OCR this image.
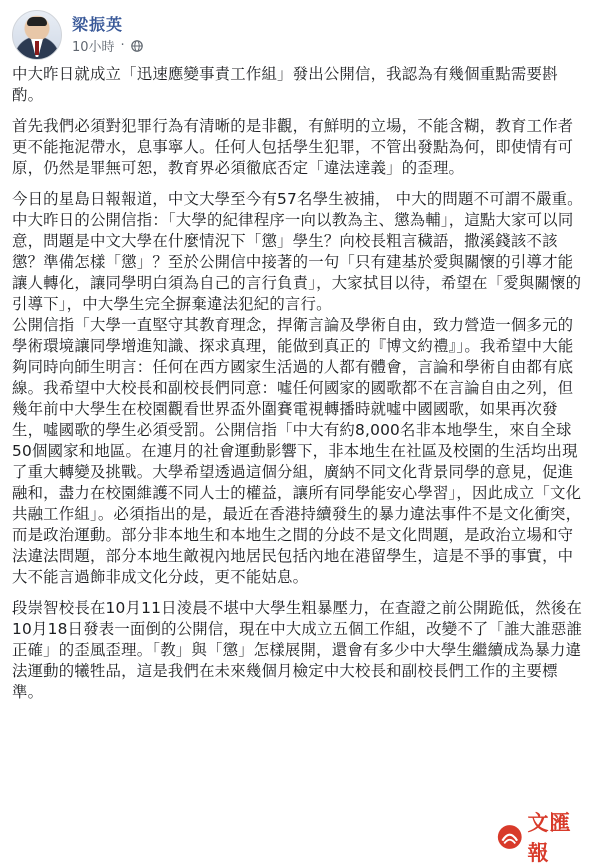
梁振英
10小時 ·

中大昨日就成立「迅速應變事責工作組」發出公開信，我認為有幾個重點需要斟酌。

首先我們必須對犯罪行為有清晰的是非觀，有鮮明的立場，不能含糊，教育工作者更不能拖泥帶水，息事寧人。任何人包括學生犯罪，不管出發點為何，即使情有可原，仍然是罪無可恕，教育界必須徹底否定「違法達義」的歪理。

今日的星島日報報道，中文大學至今有57名學生被捕， 中大的問題不可謂不嚴重。中大昨日的公開信指：「大學的紀律程序一向以教為主、懲為輔」，這點大家可以同意，問題是中文大學在什麼情況下「懲」學生？向校長粗言穢語，撒溪錢該不該懲？準備怎樣「懲」？至於公開信中接著的一句「只有建基於愛與關懷的引導才能讓人轉化，讓同學明白須為自己的言行負責」，大家拭目以待，希望在「愛與關懷的引導下」，中大學生完全摒棄違法犯紀的言行。

公開信指「大學一直堅守其教育理念，捍衛言論及學術自由，致力營造一個多元的學術環境讓同學增進知識、探求真理，能做到真正的『博文約禮』」。我希望中大能夠同時向師生明言：任何在西方國家生活過的人都有體會，言論和學術自由都有底線。我希望中大校長和副校長們同意：噓任何國家的國歌都不在言論自由之列，但幾年前中大學生在校園觀看世界盃外圍賽電視轉播時就噓中國國歌，如果再次發生，噓國歌的學生必須受罰。公開信指「中大有約8,000名非本地學生，來自全球50個國家和地區。在連月的社會運動影響下，非本地生在社區及校園的生活均出現了重大轉變及挑戰。大學希望透過這個分組，廣納不同文化背景同學的意見，促進融和，盡力在校園維護不同人士的權益，讓所有同學能安心學習」，因此成立「文化共融工作組」。必須指出的是，最近在香港持續發生的暴力違法事件不是文化衝突，而是政治運動。部分非本地生和本地生之間的分歧不是文化問題，是政治立場和守法違法問題，部分本地生敵視內地居民包括內地在港留學生，這是不爭的事實，中大不能言過飾非成文化分歧，更不能姑息。

段崇智校長在10月11日淩晨不堪中大學生粗暴壓力，在查證之前公開跪低，然後在10月18日發表一面倒的公開信，現在中大成立五個工作組，改變不了「誰大誰惡誰正確」的歪風歪理。「教」與「懲」怎樣展開，還會有多少中大學生繼續成為暴力違法運動的犧牲品，這是我們在未來幾個月檢定中大校長和副校長們工作的主要標準。

文匯報
